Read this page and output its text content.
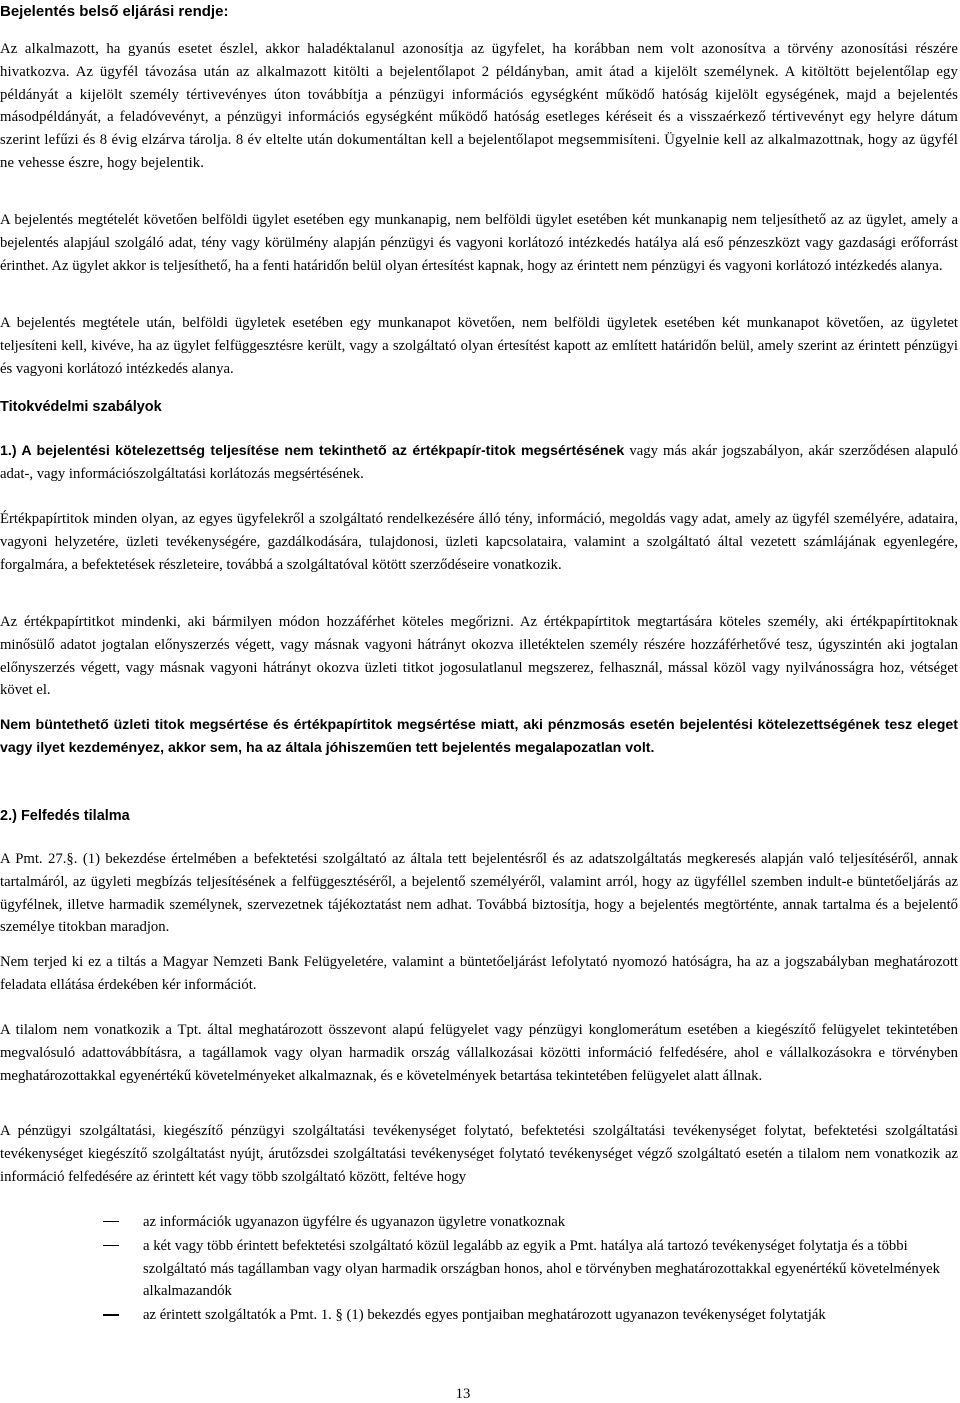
Bejelentés belső eljárási rendje:

Az alkalmazott, ha gyanús esetet észlel, akkor haladéktalanul azonosítja az ügyfelet, ha korábban nem volt azonosítva a törvény azonosítási részére hivatkozva. Az ügyfél távozása után az alkalmazott kitölti a bejelentőlapot 2 példányban, amit átad a kijelölt személynek. A kitöltött bejelentőlap egy példányát a kijelölt személy tértivevényes úton továbbítja a pénzügyi információs egységként működő hatóság kijelölt egységének, majd a bejelentés másodpéldányát, a feladóvevényt, a pénzügyi információs egységként működő hatóság esetleges kéréseit és a visszaérkező tértivevényt egy helyre dátum szerint lefűzi és 8 évig elzárva tárolja. 8 év eltelte után dokumentáltan kell a bejelentőlapot megsemmisíteni. Ügyelnie kell az alkalmazottnak, hogy az ügyfél ne vehesse észre, hogy bejelentik.

A bejelentés megtételét követően belföldi ügylet esetében egy munkanapig, nem belföldi ügylet esetében két munkanapig nem teljesíthető az az ügylet, amely a bejelentés alapjául szolgáló adat, tény vagy körülmény alapján pénzügyi és vagyoni korlátozó intézkedés hatálya alá eső pénzeszközt vagy gazdasági erőforrást érinthet. Az ügylet akkor is teljesíthető, ha a fenti határidőn belül olyan értesítést kapnak, hogy az érintett nem pénzügyi és vagyoni korlátozó intézkedés alanya.

A bejelentés megtétele után, belföldi ügyletek esetében egy munkanapot követően, nem belföldi ügyletek esetében két munkanapot követően, az ügyletet teljesíteni kell, kivéve, ha az ügylet felfüggesztésre került, vagy a szolgáltató olyan értesítést kapott az említett határidőn belül, amely szerint az érintett pénzügyi és vagyoni korlátozó intézkedés alanya.

Titokvédelmi szabályok

1.) A bejelentési kötelezettség teljesítése nem tekinthető az értékpapír-titok megsértésének vagy más akár jogszabályon, akár szerződésen alapuló adat-, vagy információszolgáltatási korlátozás megsértésének.

Értékpapírtitok minden olyan, az egyes ügyfelekről a szolgáltató rendelkezésére álló tény, információ, megoldás vagy adat, amely az ügyfél személyére, adataira, vagyoni helyzetére, üzleti tevékenységére, gazdálkodására, tulajdonosi, üzleti kapcsolataira, valamint a szolgáltató által vezetett számlájának egyenlegére, forgalmára, a befektetések részleteire, továbbá a szolgáltatóval kötött szerződéseire vonatkozik.

Az értékpapírtitkot mindenki, aki bármilyen módon hozzáférhet köteles megőrizni. Az értékpapírtitok megtartására köteles személy, aki értékpapírtitoknak minősülő adatot jogtalan előnyszerzés végett, vagy másnak vagyoni hátrányt okozva illetéktelen személy részére hozzáférhetővé tesz, úgyszintén aki jogtalan előnyszerzés végett, vagy másnak vagyoni hátrányt okozva üzleti titkot jogosulatlanul megszerez, felhasznál, mással közöl vagy nyilvánosságra hoz, vétséget követ el.

Nem büntethető üzleti titok megsértése és értékpapírtitok megsértése miatt, aki pénzmosás esetén bejelentési kötelezettségének tesz eleget vagy ilyet kezdeményez, akkor sem, ha az általa jóhiszeműen tett bejelentés megalapozatlan volt.

2.) Felfedés tilalma

A Pmt. 27.§. (1) bekezdése értelmében a befektetési szolgáltató az általa tett bejelentésről és az adatszolgáltatás megkeresés alapján való teljesítéséről, annak tartalmáról, az ügyleti megbízás teljesítésének a felfüggesztéséről, a bejelentő személyéről, valamint arról, hogy az ügyféllel szemben indult-e büntetőeljárás az ügyfélnek, illetve harmadik személynek, szervezetnek tájékoztatást nem adhat. Továbbá biztosítja, hogy a bejelentés megtörténte, annak tartalma és a bejelentő személye titokban maradjon.

Nem terjed ki ez a tiltás a Magyar Nemzeti Bank Felügyeletére, valamint a büntetőeljárást lefolytató nyomozó hatóságra, ha az a jogszabályban meghatározott feladata ellátása érdekében kér információt.

A tilalom nem vonatkozik a Tpt. által meghatározott összevont alapú felügyelet vagy pénzügyi konglomerátum esetében a kiegészítő felügyelet tekintetében megvalósuló adattovábbításra, a tagállamok vagy olyan harmadik ország vállalkozásai közötti információ felfedésére, ahol e vállalkozásokra e törvényben meghatározottakkal egyenértékű követelményeket alkalmaznak, és e követelmények betartása tekintetében felügyelet alatt állnak.

A pénzügyi szolgáltatási, kiegészítő pénzügyi szolgáltatási tevékenységet folytató, befektetési szolgáltatási tevékenységet folytat, befektetési szolgáltatási tevékenységet kiegészítő szolgáltatást nyújt, árutőzsdei szolgáltatási tevékenységet folytató tevékenységet végző szolgáltató esetén a tilalom nem vonatkozik az információ felfedésére az érintett két vagy több szolgáltató között, feltéve hogy

az információk ugyanazon ügyfélre és ugyanazon ügyletre vonatkoznak
a két vagy több érintett befektetési szolgáltató közül legalább az egyik a Pmt. hatálya alá tartozó tevékenységet folytatja és a többi szolgáltató más tagállamban vagy olyan harmadik országban honos, ahol e törvényben meghatározottakkal egyenértékű követelmények alkalmazandók
az érintett szolgáltatók a Pmt. 1. § (1) bekezdés egyes pontjaiban meghatározott ugyanazon tevékenységet folytatják
13
